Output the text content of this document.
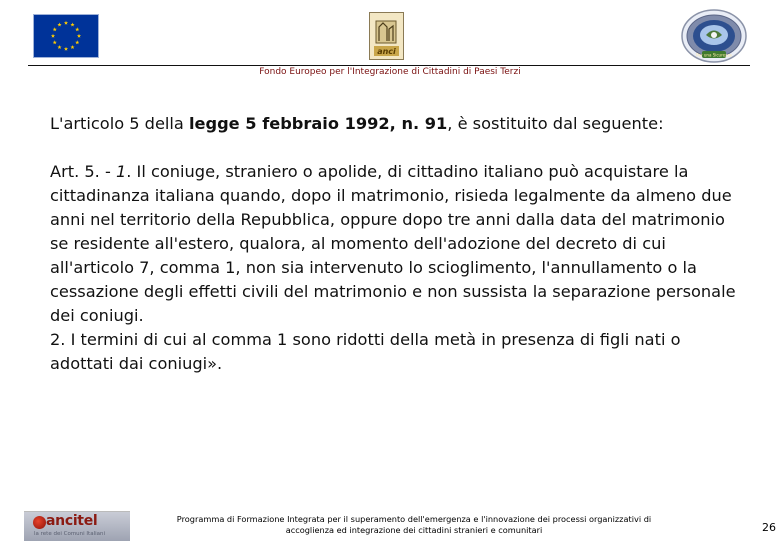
anci	Per una Sicurezza
Fondo Europeo per l'Integrazione di Cittadini di Paesi Terzi

L'articolo 5 della legge 5 febbraio 1992, n. 91, è sostituito dal seguente:

Art. 5. - 1. Il coniuge, straniero o apolide, di cittadino italiano può acquistare la cittadinanza italiana quando, dopo il matrimonio, risieda legalmente da almeno due anni nel territorio della Repubblica, oppure dopo tre anni dalla data del matrimonio se residente all'estero, qualora, al momento dell'adozione del decreto di cui all'articolo 7, comma 1, non sia intervenuto lo scioglimento, l'annullamento o la cessazione degli effetti civili del matrimonio e non sussista la separazione personale dei coniugi.

2. I termini di cui al comma 1 sono ridotti della metà in presenza di figli nati o adottati dai coniugi».

ancitel
la rete dei Comuni Italiani
Programma di Formazione Integrata per il superamento dell'emergenza e l'innovazione dei processi organizzativi di
accoglienza ed integrazione dei cittadini stranieri e comunitari	26
